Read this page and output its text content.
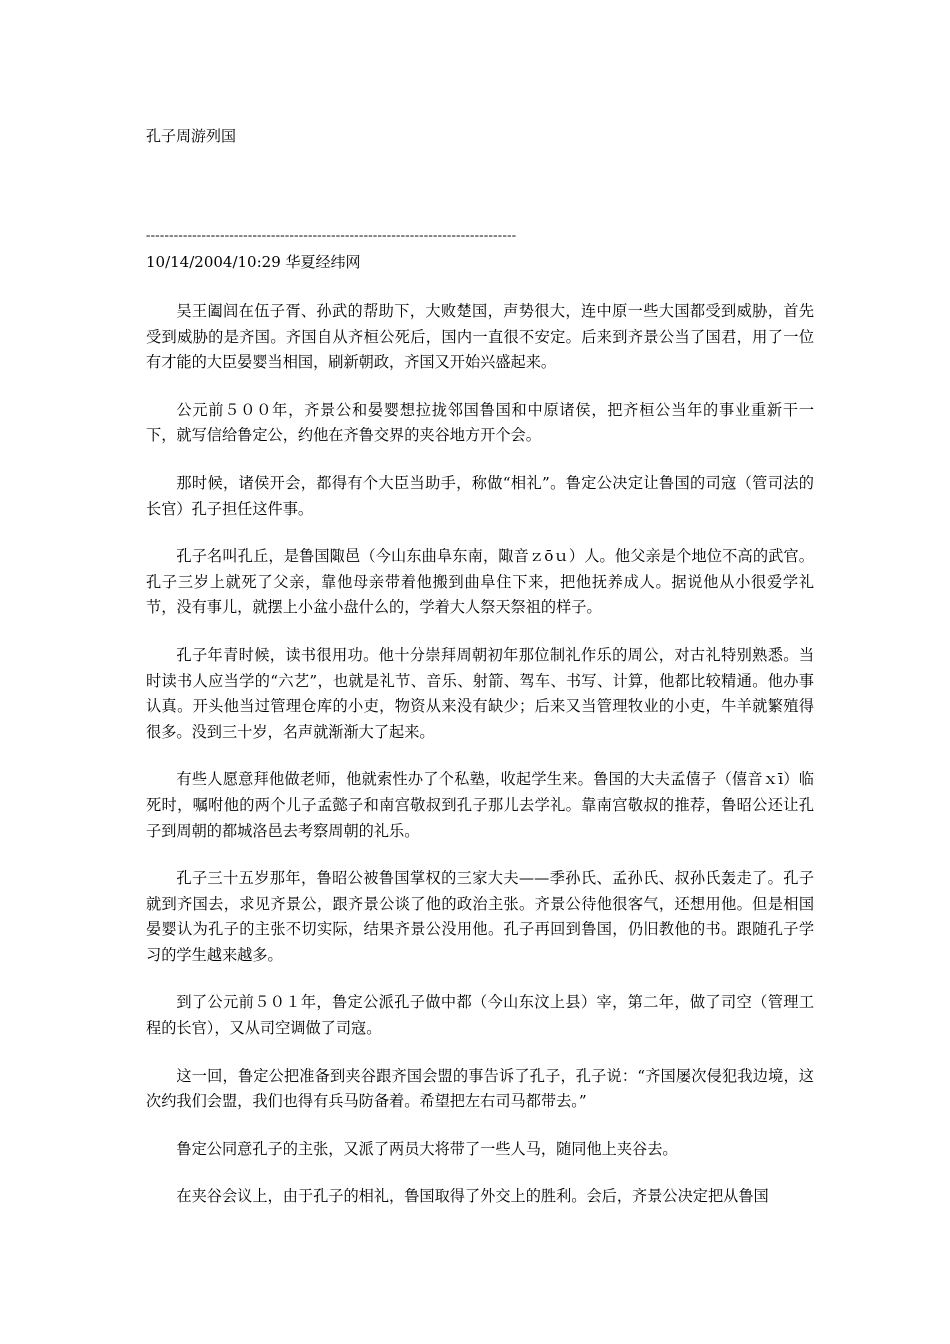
孔子周游列国
--------------------------------------------------------------------------------
10/14/2004/10:29 华夏经纬网

吴王阖闾在伍子胥、孙武的帮助下，大败楚国，声势很大，连中原一些大国都受到威胁，首先受到威胁的是齐国。齐国自从齐桓公死后，国内一直很不安定。后来到齐景公当了国君，用了一位有才能的大臣晏婴当相国，刷新朝政，齐国又开始兴盛起来。

公元前５００年，齐景公和晏婴想拉拢邻国鲁国和中原诸侯，把齐桓公当年的事业重新干一下，就写信给鲁定公，约他在齐鲁交界的夹谷地方开个会。

那时候，诸侯开会，都得有个大臣当助手，称做“相礼”。鲁定公决定让鲁国的司寇（管司法的长官）孔子担任这件事。

孔子名叫孔丘，是鲁国陬邑（今山东曲阜东南，陬音ｚōｕ）人。他父亲是个地位不高的武官。孔子三岁上就死了父亲，靠他母亲带着他搬到曲阜住下来，把他抚养成人。据说他从小很爱学礼节，没有事儿，就摆上小盆小盘什么的，学着大人祭天祭祖的样子。

孔子年青时候，读书很用功。他十分崇拜周朝初年那位制礼作乐的周公，对古礼特别熟悉。当时读书人应当学的“六艺”，也就是礼节、音乐、射箭、驾车、书写、计算，他都比较精通。他办事认真。开头他当过管理仓库的小吏，物资从来没有缺少；后来又当管理牧业的小吏，牛羊就繁殖得很多。没到三十岁，名声就渐渐大了起来。

有些人愿意拜他做老师，他就索性办了个私塾，收起学生来。鲁国的大夫孟僖子（僖音ｘī）临死时，嘱咐他的两个儿子孟懿子和南宫敬叔到孔子那儿去学礼。靠南宫敬叔的推荐，鲁昭公还让孔子到周朝的都城洛邑去考察周朝的礼乐。

孔子三十五岁那年，鲁昭公被鲁国掌权的三家大夫——季孙氏、孟孙氏、叔孙氏轰走了。孔子就到齐国去，求见齐景公，跟齐景公谈了他的政治主张。齐景公待他很客气，还想用他。但是相国晏婴认为孔子的主张不切实际，结果齐景公没用他。孔子再回到鲁国，仍旧教他的书。跟随孔子学习的学生越来越多。

到了公元前５０１年，鲁定公派孔子做中都（今山东汶上县）宰，第二年，做了司空（管理工程的长官），又从司空调做了司寇。

这一回，鲁定公把准备到夹谷跟齐国会盟的事告诉了孔子，孔子说：“齐国屡次侵犯我边境，这次约我们会盟，我们也得有兵马防备着。希望把左右司马都带去。”

鲁定公同意孔子的主张，又派了两员大将带了一些人马，随同他上夹谷去。

在夹谷会议上，由于孔子的相礼，鲁国取得了外交上的胜利。会后，齐景公决定把从鲁国
